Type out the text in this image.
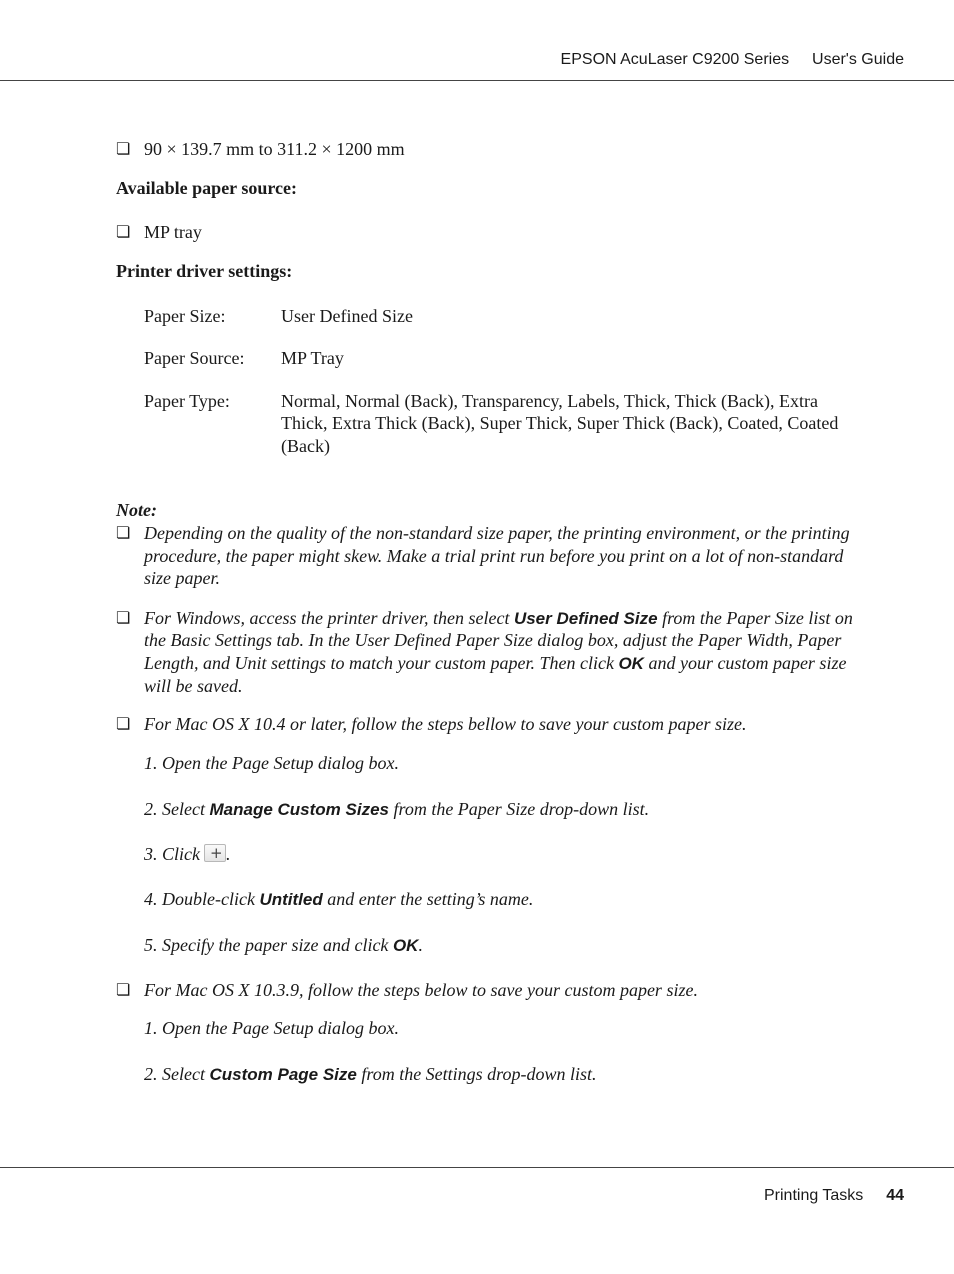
EPSON AcuLaser C9200 Series User's Guide
❏ 90 × 139.7 mm to 311.2 × 1200 mm
Available paper source:
❏ MP tray
Printer driver settings:
Paper Size:	User Defined Size
Paper Source: MP Tray
Paper Type:	Normal, Normal (Back), Transparency, Labels, Thick, Thick (Back), Extra
Thick, Extra Thick (Back), Super Thick, Super Thick (Back), Coated, Coated
(Back)
Note:
❏ Depending on the quality of the non-standard size paper, the printing environment, or the printing
procedure, the paper might skew. Make a trial print run before you print on a lot of non-standard
size paper.
❏ For Windows, access the printer driver, then select User Defined Size from the Paper Size list on
the Basic Settings tab. In the User Defined Paper Size dialog box, adjust the Paper Width, Paper
Length, and Unit settings to match your custom paper. Then click OK and your custom paper size
will be saved.
❏ For Mac OS X 10.4 or later, follow the steps bellow to save your custom paper size.
1. Open the Page Setup dialog box.
2. Select Manage Custom Sizes from the Paper Size drop-down list.
3. Click+ .
4. Double-click Untitled and enter the setting’s name.
5. Specify the paper size and click OK.
❏ For Mac OS X 10.3.9, follow the steps below to save your custom paper size.
1. Open the Page Setup dialog box.
2. Select Custom Page Size from the Settings drop-down list.
Printing Tasks 44
